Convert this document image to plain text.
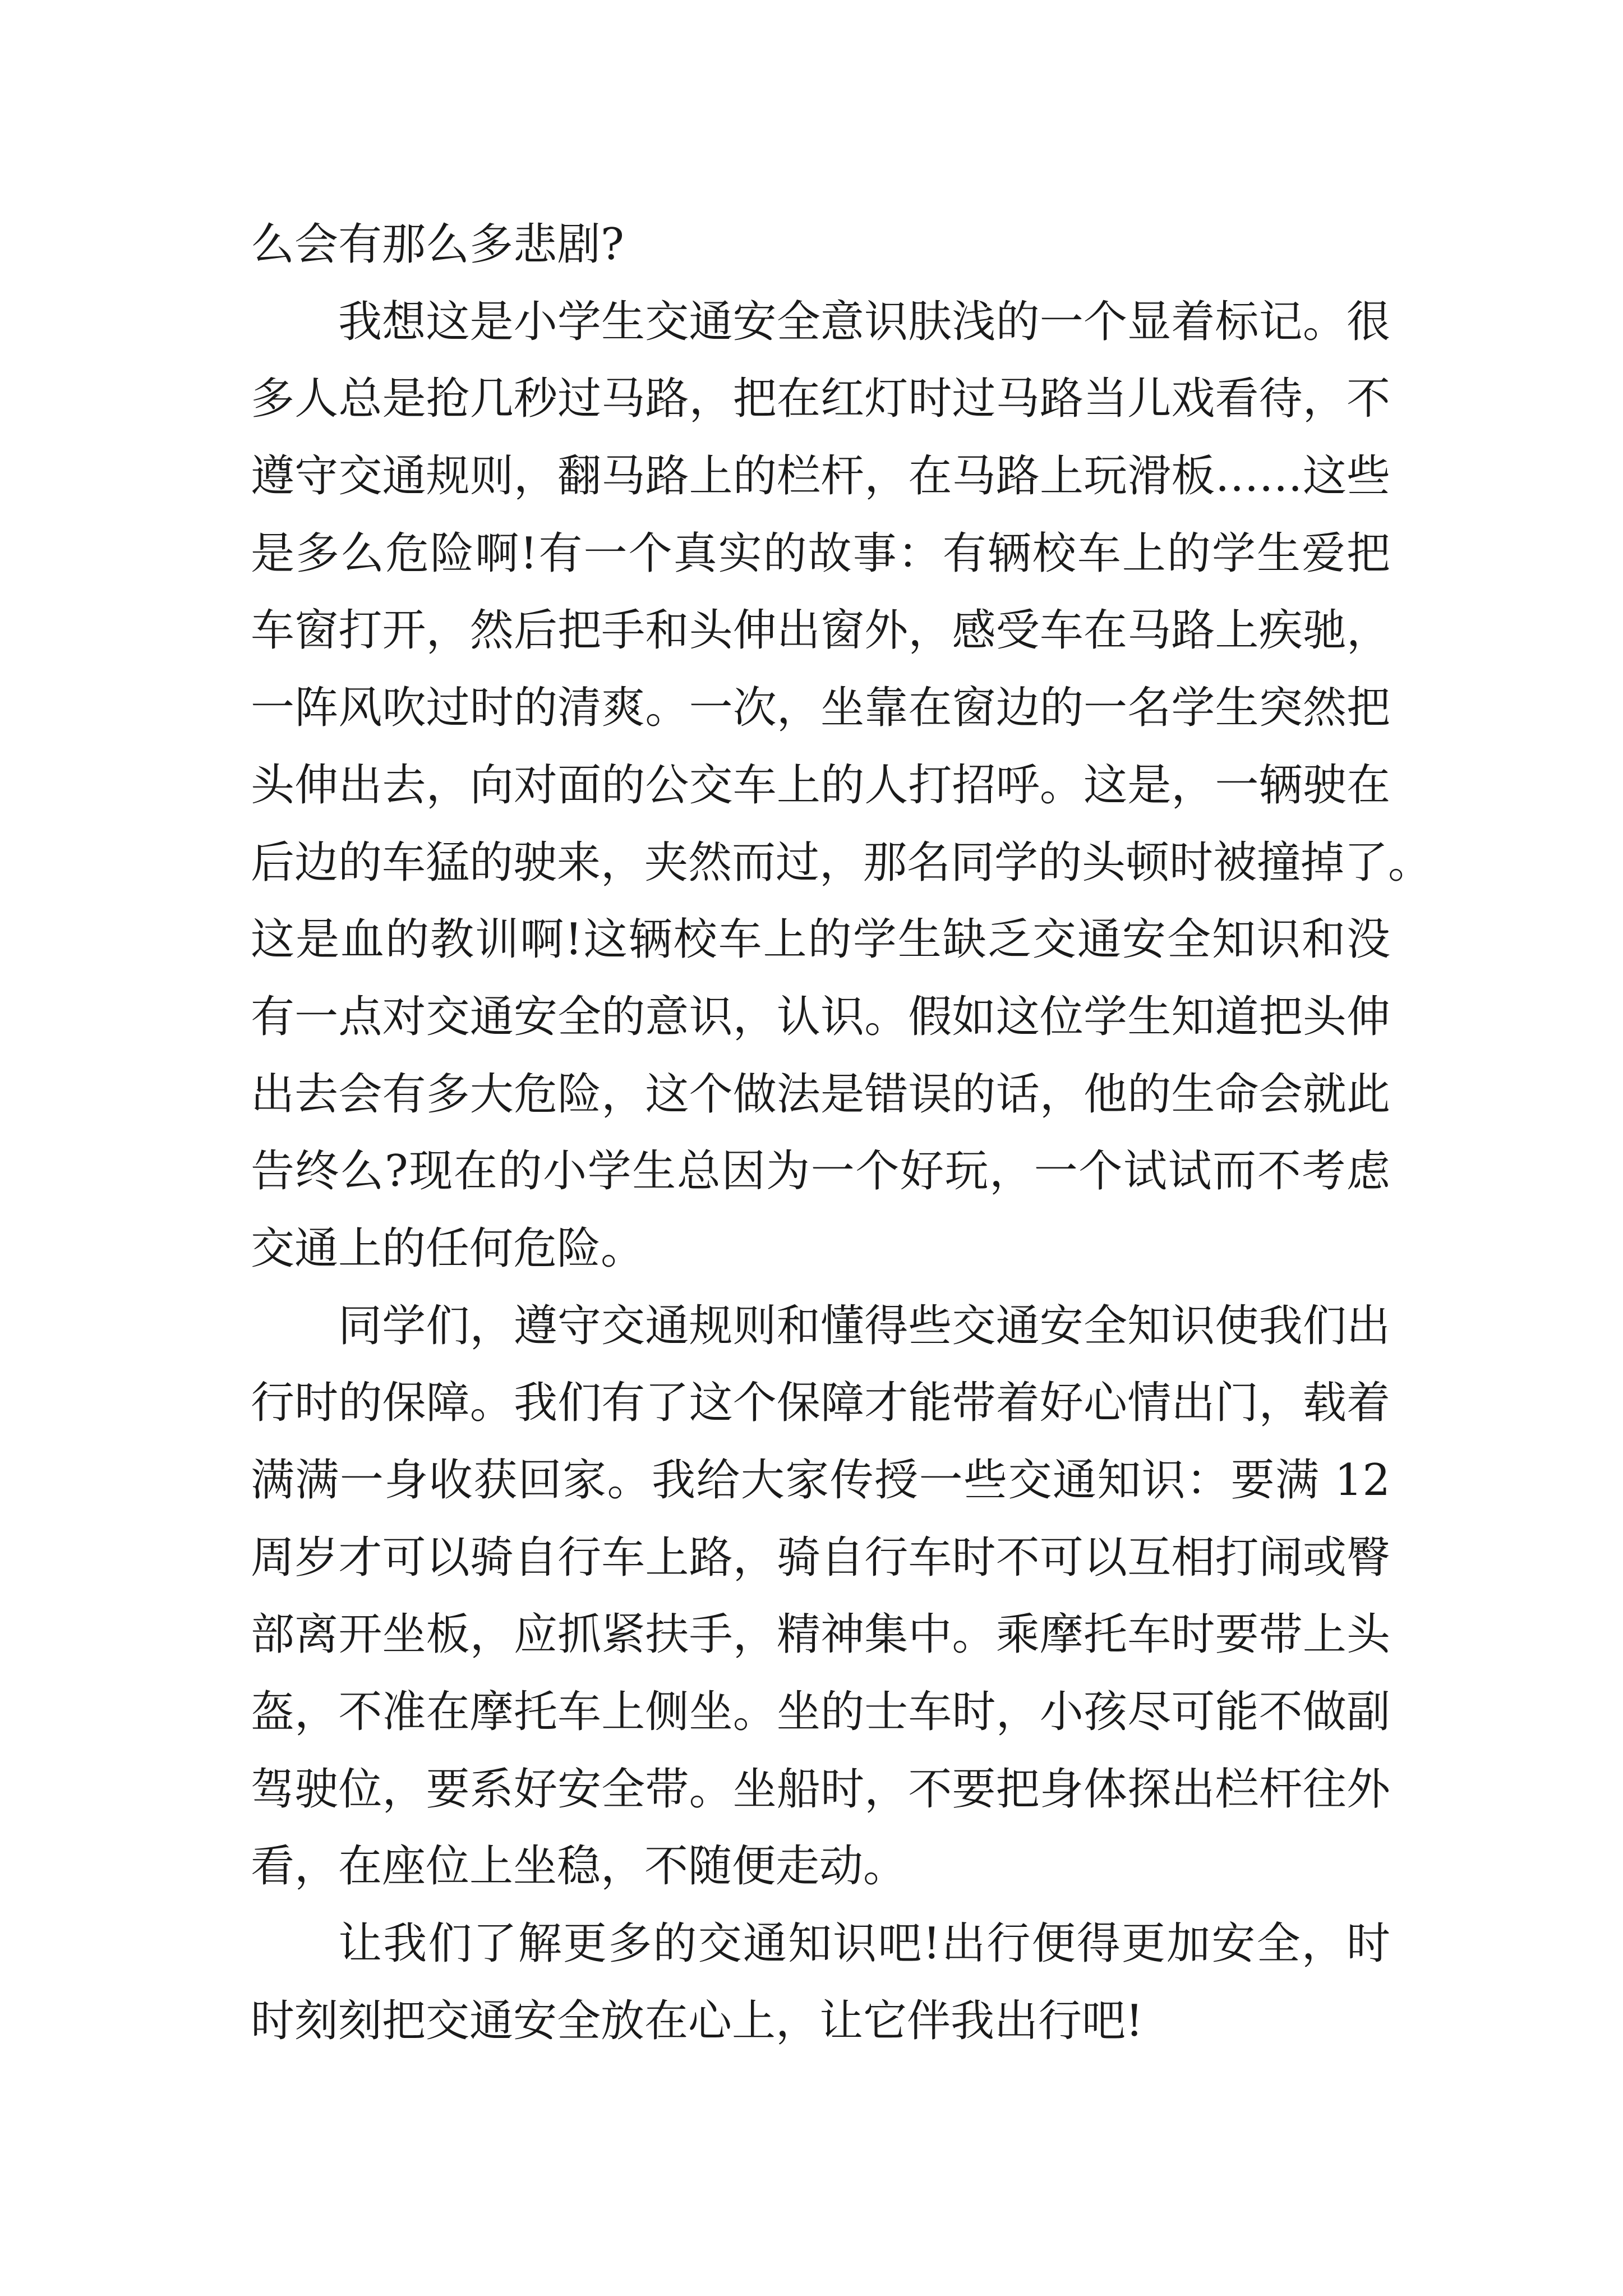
么会有那么多悲剧?
我想这是小学生交通安全意识肤浅的一个显着标记。很
多人总是抢几秒过马路，把在红灯时过马路当儿戏看待，不
遵守交通规则，翻马路上的栏杆，在马路上玩滑板……这些
是多么危险啊!有一个真实的故事：有辆校车上的学生爱把
车窗打开，然后把手和头伸出窗外，感受车在马路上疾驰，
一阵风吹过时的清爽。一次，坐靠在窗边的一名学生突然把
头伸出去，向对面的公交车上的人打招呼。这是，一辆驶在
后边的车猛的驶来，夹然而过，那名同学的头顿时被撞掉了。
这是血的教训啊!这辆校车上的学生缺乏交通安全知识和没
有一点对交通安全的意识，认识。假如这位学生知道把头伸
出去会有多大危险，这个做法是错误的话，他的生命会就此
告终么?现在的小学生总因为一个好玩，一个试试而不考虑
交通上的任何危险。
同学们，遵守交通规则和懂得些交通安全知识使我们出
行时的保障。我们有了这个保障才能带着好心情出门，载着
满满一身收获回家。我给大家传授一些交通知识：要满 12
周岁才可以骑自行车上路，骑自行车时不可以互相打闹或臀
部离开坐板，应抓紧扶手，精神集中。乘摩托车时要带上头
盔，不准在摩托车上侧坐。坐的士车时，小孩尽可能不做副
驾驶位，要系好安全带。坐船时，不要把身体探出栏杆往外
看，在座位上坐稳，不随便走动。
让我们了解更多的交通知识吧!出行便得更加安全，时
时刻刻把交通安全放在心上，让它伴我出行吧!
